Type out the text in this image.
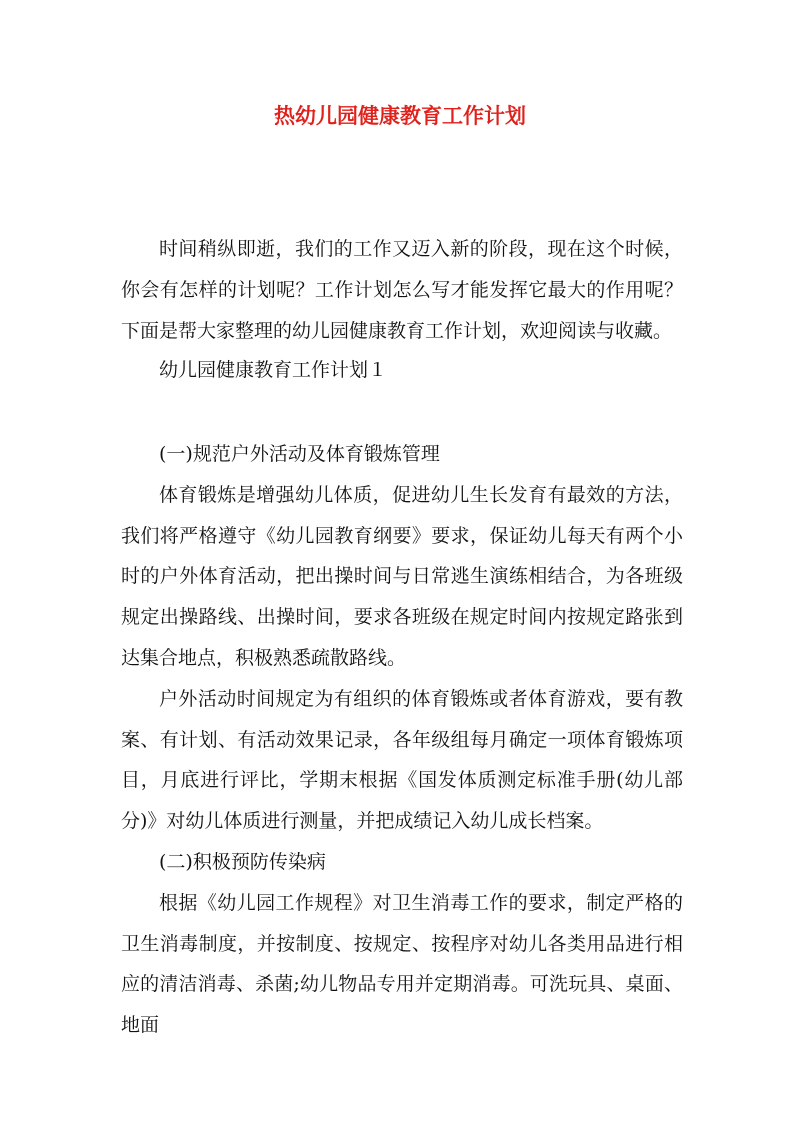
热幼儿园健康教育工作计划

时间稍纵即逝，我们的工作又迈入新的阶段，现在这个时候，你会有怎样的计划呢？工作计划怎么写才能发挥它最大的作用呢？下面是帮大家整理的幼儿园健康教育工作计划，欢迎阅读与收藏。

幼儿园健康教育工作计划１

(一)规范户外活动及体育锻炼管理

体育锻炼是增强幼儿体质，促进幼儿生长发育有最效的方法，我们将严格遵守《幼儿园教育纲要》要求，保证幼儿每天有两个小时的户外体育活动，把出操时间与日常逃生演练相结合，为各班级规定出操路线、出操时间，要求各班级在规定时间内按规定路张到达集合地点，积极熟悉疏散路线。

户外活动时间规定为有组织的体育锻炼或者体育游戏，要有教案、有计划、有活动效果记录，各年级组每月确定一项体育锻炼项目，月底进行评比，学期末根据《国发体质测定标准手册(幼儿部分)》对幼儿体质进行测量，并把成绩记入幼儿成长档案。

(二)积极预防传染病

根据《幼儿园工作规程》对卫生消毒工作的要求，制定严格的卫生消毒制度，并按制度、按规定、按程序对幼儿各类用品进行相应的清洁消毒、杀菌;幼儿物品专用并定期消毒。可洗玩具、桌面、地面
